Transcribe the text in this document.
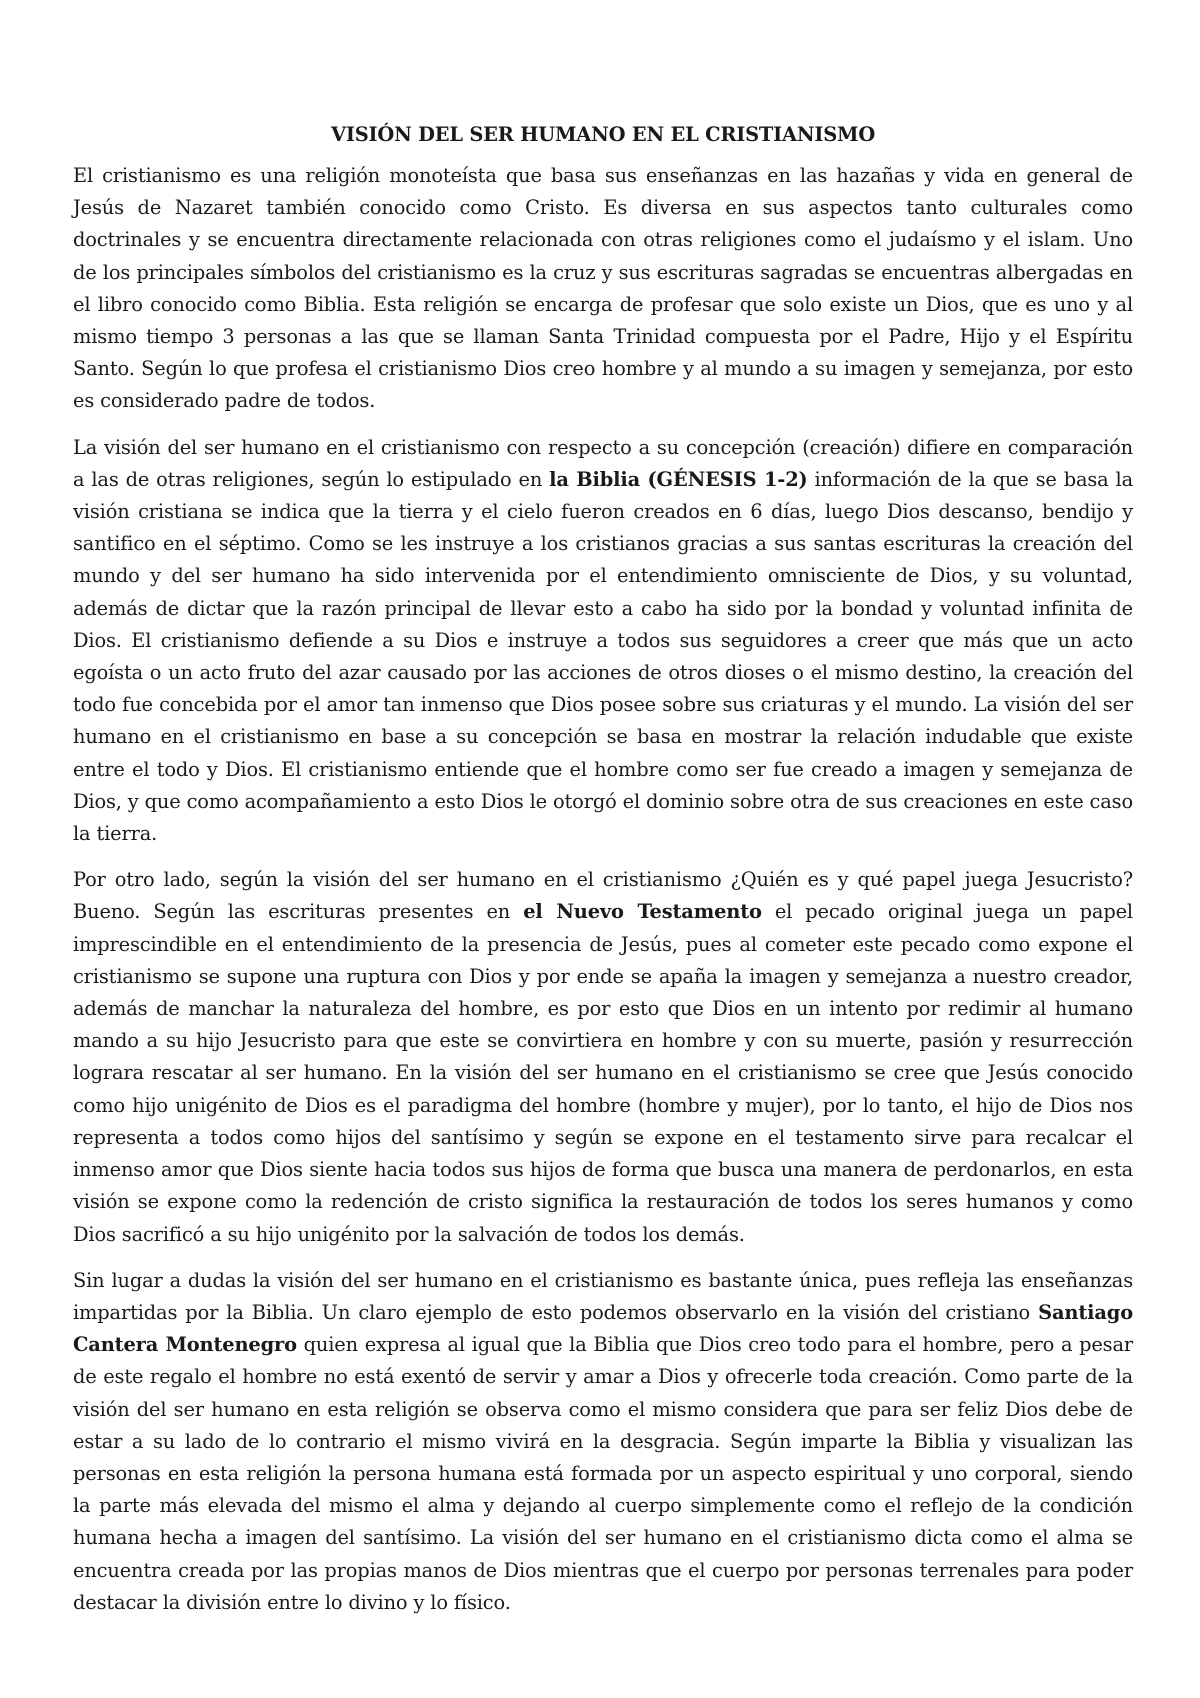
VISIÓN DEL SER HUMANO EN EL CRISTIANISMO

El cristianismo es una religión monoteísta que basa sus enseñanzas en las hazañas y vida en general de Jesús de Nazaret también conocido como Cristo. Es diversa en sus aspectos tanto culturales como doctrinales y se encuentra directamente relacionada con otras religiones como el judaísmo y el islam. Uno de los principales símbolos del cristianismo es la cruz y sus escrituras sagradas se encuentras albergadas en el libro conocido como Biblia. Esta religión se encarga de profesar que solo existe un Dios, que es uno y al mismo tiempo 3 personas a las que se llaman Santa Trinidad compuesta por el Padre, Hijo y el Espíritu Santo. Según lo que profesa el cristianismo Dios creo hombre y al mundo a su imagen y semejanza, por esto es considerado padre de todos.

La visión del ser humano en el cristianismo con respecto a su concepción (creación) difiere en comparación a las de otras religiones, según lo estipulado en la Biblia (GÉNESIS 1-2) información de la que se basa la visión cristiana se indica que la tierra y el cielo fueron creados en 6 días, luego Dios descanso, bendijo y santifico en el séptimo. Como se les instruye a los cristianos gracias a sus santas escrituras la creación del mundo y del ser humano ha sido intervenida por el entendimiento omnisciente de Dios, y su voluntad, además de dictar que la razón principal de llevar esto a cabo ha sido por la bondad y voluntad infinita de Dios. El cristianismo defiende a su Dios e instruye a todos sus seguidores a creer que más que un acto egoísta o un acto fruto del azar causado por las acciones de otros dioses o el mismo destino, la creación del todo fue concebida por el amor tan inmenso que Dios posee sobre sus criaturas y el mundo. La visión del ser humano en el cristianismo en base a su concepción se basa en mostrar la relación indudable que existe entre el todo y Dios. El cristianismo entiende que el hombre como ser fue creado a imagen y semejanza de Dios, y que como acompañamiento a esto Dios le otorgó el dominio sobre otra de sus creaciones en este caso la tierra.

Por otro lado, según la visión del ser humano en el cristianismo ¿Quién es y qué papel juega Jesucristo? Bueno. Según las escrituras presentes en el Nuevo Testamento el pecado original juega un papel imprescindible en el entendimiento de la presencia de Jesús, pues al cometer este pecado como expone el cristianismo se supone una ruptura con Dios y por ende se apaña la imagen y semejanza a nuestro creador, además de manchar la naturaleza del hombre, es por esto que Dios en un intento por redimir al humano mando a su hijo Jesucristo para que este se convirtiera en hombre y con su muerte, pasión y resurrección lograra rescatar al ser humano. En la visión del ser humano en el cristianismo se cree que Jesús conocido como hijo unigénito de Dios es el paradigma del hombre (hombre y mujer), por lo tanto, el hijo de Dios nos representa a todos como hijos del santísimo y según se expone en el testamento sirve para recalcar el inmenso amor que Dios siente hacia todos sus hijos de forma que busca una manera de perdonarlos, en esta visión se expone como la redención de cristo significa la restauración de todos los seres humanos y como Dios sacrificó a su hijo unigénito por la salvación de todos los demás.

Sin lugar a dudas la visión del ser humano en el cristianismo es bastante única, pues refleja las enseñanzas impartidas por la Biblia. Un claro ejemplo de esto podemos observarlo en la visión del cristiano Santiago Cantera Montenegro quien expresa al igual que la Biblia que Dios creo todo para el hombre, pero a pesar de este regalo el hombre no está exentó de servir y amar a Dios y ofrecerle toda creación. Como parte de la visión del ser humano en esta religión se observa como el mismo considera que para ser feliz Dios debe de estar a su lado de lo contrario el mismo vivirá en la desgracia. Según imparte la Biblia y visualizan las personas en esta religión la persona humana está formada por un aspecto espiritual y uno corporal, siendo la parte más elevada del mismo el alma y dejando al cuerpo simplemente como el reflejo de la condición humana hecha a imagen del santísimo. La visión del ser humano en el cristianismo dicta como el alma se encuentra creada por las propias manos de Dios mientras que el cuerpo por personas terrenales para poder destacar la división entre lo divino y lo físico.
